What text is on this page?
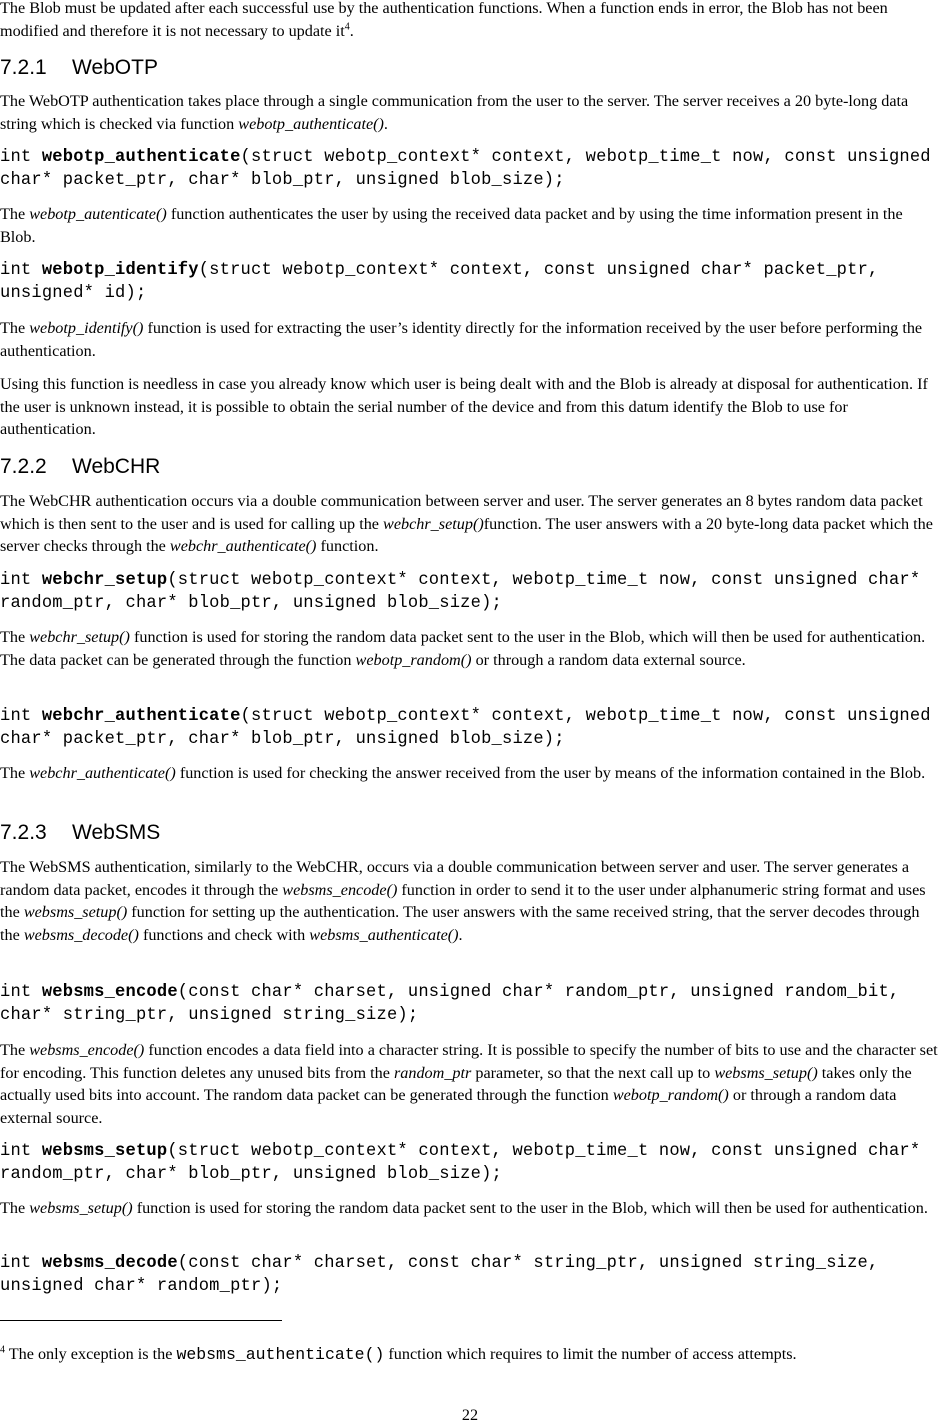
The Blob must be updated after each successful use by the authentication functions. When a function ends in error, the Blob has not been modified and therefore it is not necessary to update $it^4$.
7.2.1 WebOTP
The WebOTP authentication takes place through a single communication from the user to the server. The server receives a 20 byte-long data string which is checked via function webotp_authenticate().
int webotp_authenticate(struct webotp_context* context, webotp_time_t now, const unsigned char* packet_ptr, char* blob_ptr, unsigned blob_size);
The webotp_autenticate() function authenticates the user by using the received data packet and by using the time information present in the Blob.
int webotp_identify(struct webotp_context* context, const unsigned char* packet_ptr, unsigned* id);
The webotp_identify() function is used for extracting the user’s identity directly for the information received by the user before performing the authentication.
Using this function is needless in case you already know which user is being dealt with and the Blob is already at disposal for authentication. If the user is unknown instead, it is possible to obtain the serial number of the device and from this datum identify the Blob to use for authentication.
7.2.2 WebCHR
The WebCHR authentication occurs via a double communication between server and user. The server generates an 8 bytes random data packet which is then sent to the user and is used for calling up the webchr_setup()function. The user answers with a 20 byte-long data packet which the server checks through the webchr_authenticate() function.
int webchr_setup(struct webotp_context* context, webotp_time_t now, const unsigned char* random_ptr, char* blob_ptr, unsigned blob_size);
The webchr_setup() function is used for storing the random data packet sent to the user in the Blob, which will then be used for authentication. The data packet can be generated through the function webotp_random() or through a random data external source.
int webchr_authenticate(struct webotp_context* context, webotp_time_t now, const unsigned char* packet_ptr, char* blob_ptr, unsigned blob_size);
The webchr_authenticate() function is used for checking the answer received from the user by means of the information contained in the Blob.
7.2.3 WebSMS
The WebSMS authentication, similarly to the WebCHR, occurs via a double communication between server and user. The server generates a random data packet, encodes it through the websms_encode() function in order to send it to the user under alphanumeric string format and uses the websms_setup() function for setting up the authentication. The user answers with the same received string, that the server decodes through the websms_decode() functions and check with websms_authenticate().
int websms_encode(const char* charset, unsigned char* random_ptr, unsigned random_bit, char* string_ptr, unsigned string_size);
The websms_encode() function encodes a data field into a character string. It is possible to specify the number of bits to use and the character set for encoding. This function deletes any unused bits from the random_ptr parameter, so that the next call up to websms_setup() takes only the actually used bits into account. The random data packet can be generated through the function webotp_random() or through a random data external source.
int websms_setup(struct webotp_context* context, webotp_time_t now, const unsigned char* random_ptr, char* blob_ptr, unsigned blob_size);
The websms_setup() function is used for storing the random data packet sent to the user in the Blob, which will then be used for authentication.
int websms_decode(const char* charset, const char* string_ptr, unsigned string_size, unsigned char* random_ptr);
$^4$ The only exception is the websms_authenticate() function which requires to limit the number of access attempts.
22
